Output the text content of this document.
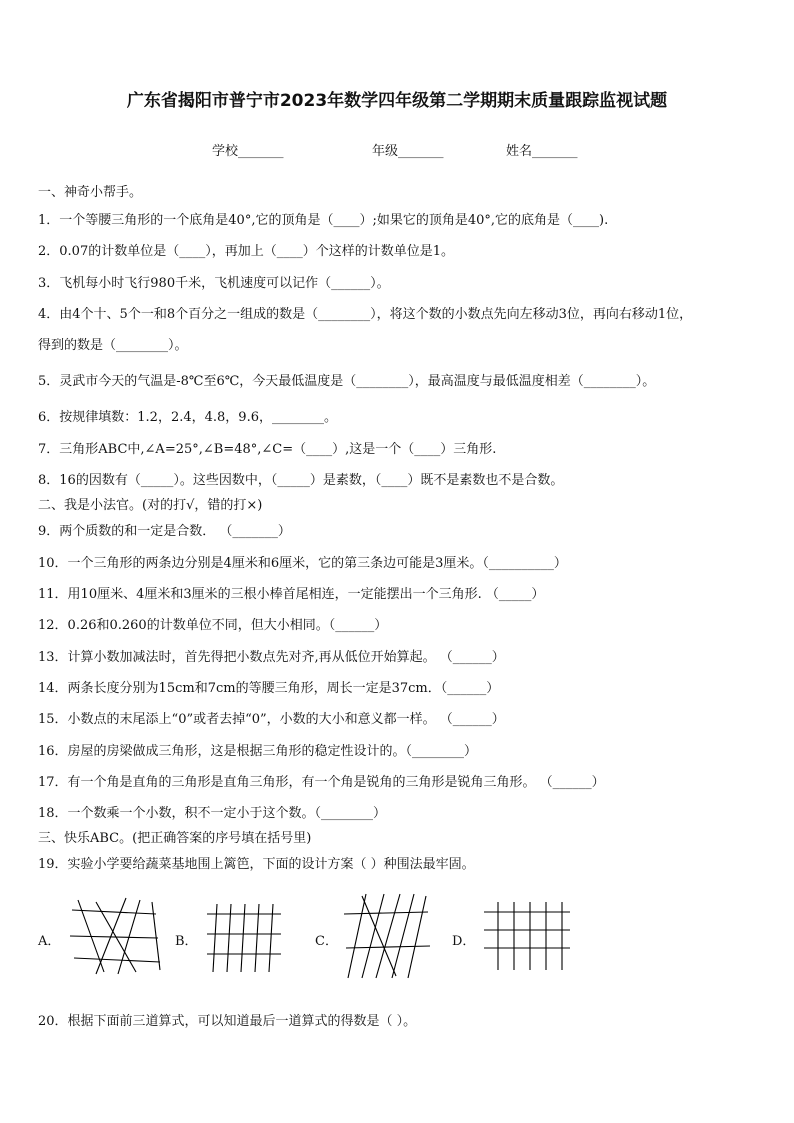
广东省揭阳市普宁市2023年数学四年级第二学期期末质量跟踪监视试题
学校_______	年级_______	姓名_______
一、神奇小帮手。
1．一个等腰三角形的一个底角是40°,它的顶角是（____）;如果它的顶角是40°,它的底角是（____).
2．0.07的计数单位是（____），再加上（____）个这样的计数单位是1。
3．飞机每小时飞行980千米，飞机速度可以记作（______）。
4．由4个十、5个一和8个百分之一组成的数是（________），将这个数的小数点先向左移动3位，再向右移动1位，
得到的数是（________）。
5．灵武市今天的气温是-8℃至6℃，今天最低温度是（________），最高温度与最低温度相差（________）。
6．按规律填数：1.2，2.4，4.8，9.6，________。
7．三角形ABC中,∠A=25°,∠B=48°,∠C=（____）,这是一个（____）三角形.
8．16的因数有（_____）。这些因数中，（_____）是素数，（____）既不是素数也不是合数。
二、我是小法官。(对的打√，错的打×)
9．两个质数的和一定是合数． （_______）
10．一个三角形的两条边分别是4厘米和6厘米，它的第三条边可能是3厘米。（__________）
11．用10厘米、4厘米和3厘米的三根小棒首尾相连，一定能摆出一个三角形. （_____）
12．0.26和0.260的计数单位不同，但大小相同。（______）
13．计算小数加减法时，首先得把小数点先对齐,再从低位开始算起。 （______）
14．两条长度分别为15cm和7cm的等腰三角形，周长一定是37cm．（______）
15．小数点的末尾添上“0”或者去掉“0”，小数的大小和意义都一样。 （______）
16．房屋的房梁做成三角形，这是根据三角形的稳定性设计的。（________）
17．有一个角是直角的三角形是直角三角形，有一个角是锐角的三角形是锐角三角形。 （______）
18．一个数乘一个小数，积不一定小于这个数。（________）
三、快乐ABC。(把正确答案的序号填在括号里)
19．实验小学要给蔬菜基地围上篱笆，下面的设计方案（ ）种围法最牢固。
A．	B．	C．	D．
20．根据下面前三道算式，可以知道最后一道算式的得数是（ ）。
